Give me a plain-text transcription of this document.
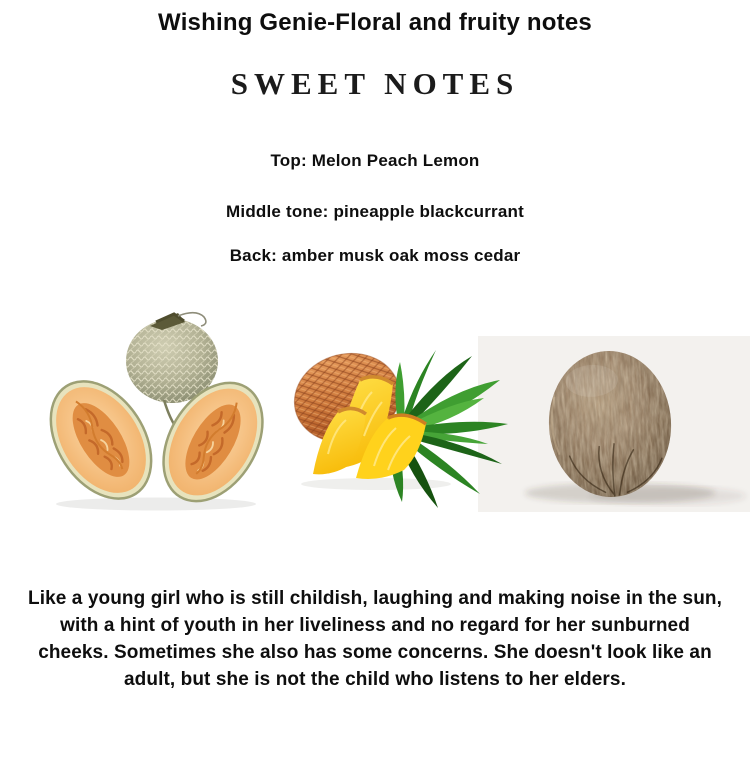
Wishing Genie-Floral and fruity notes
SWEET NOTES
Top: Melon Peach Lemon
Middle tone: pineapple blackcurrant
Back: amber musk oak moss cedar
Like a young girl who is still childish, laughing and making noise in the sun, with a hint of youth in her liveliness and no regard for her sunburned cheeks. Sometimes she also has some concerns. She doesn't look like an adult, but she is not the child who listens to her elders.
